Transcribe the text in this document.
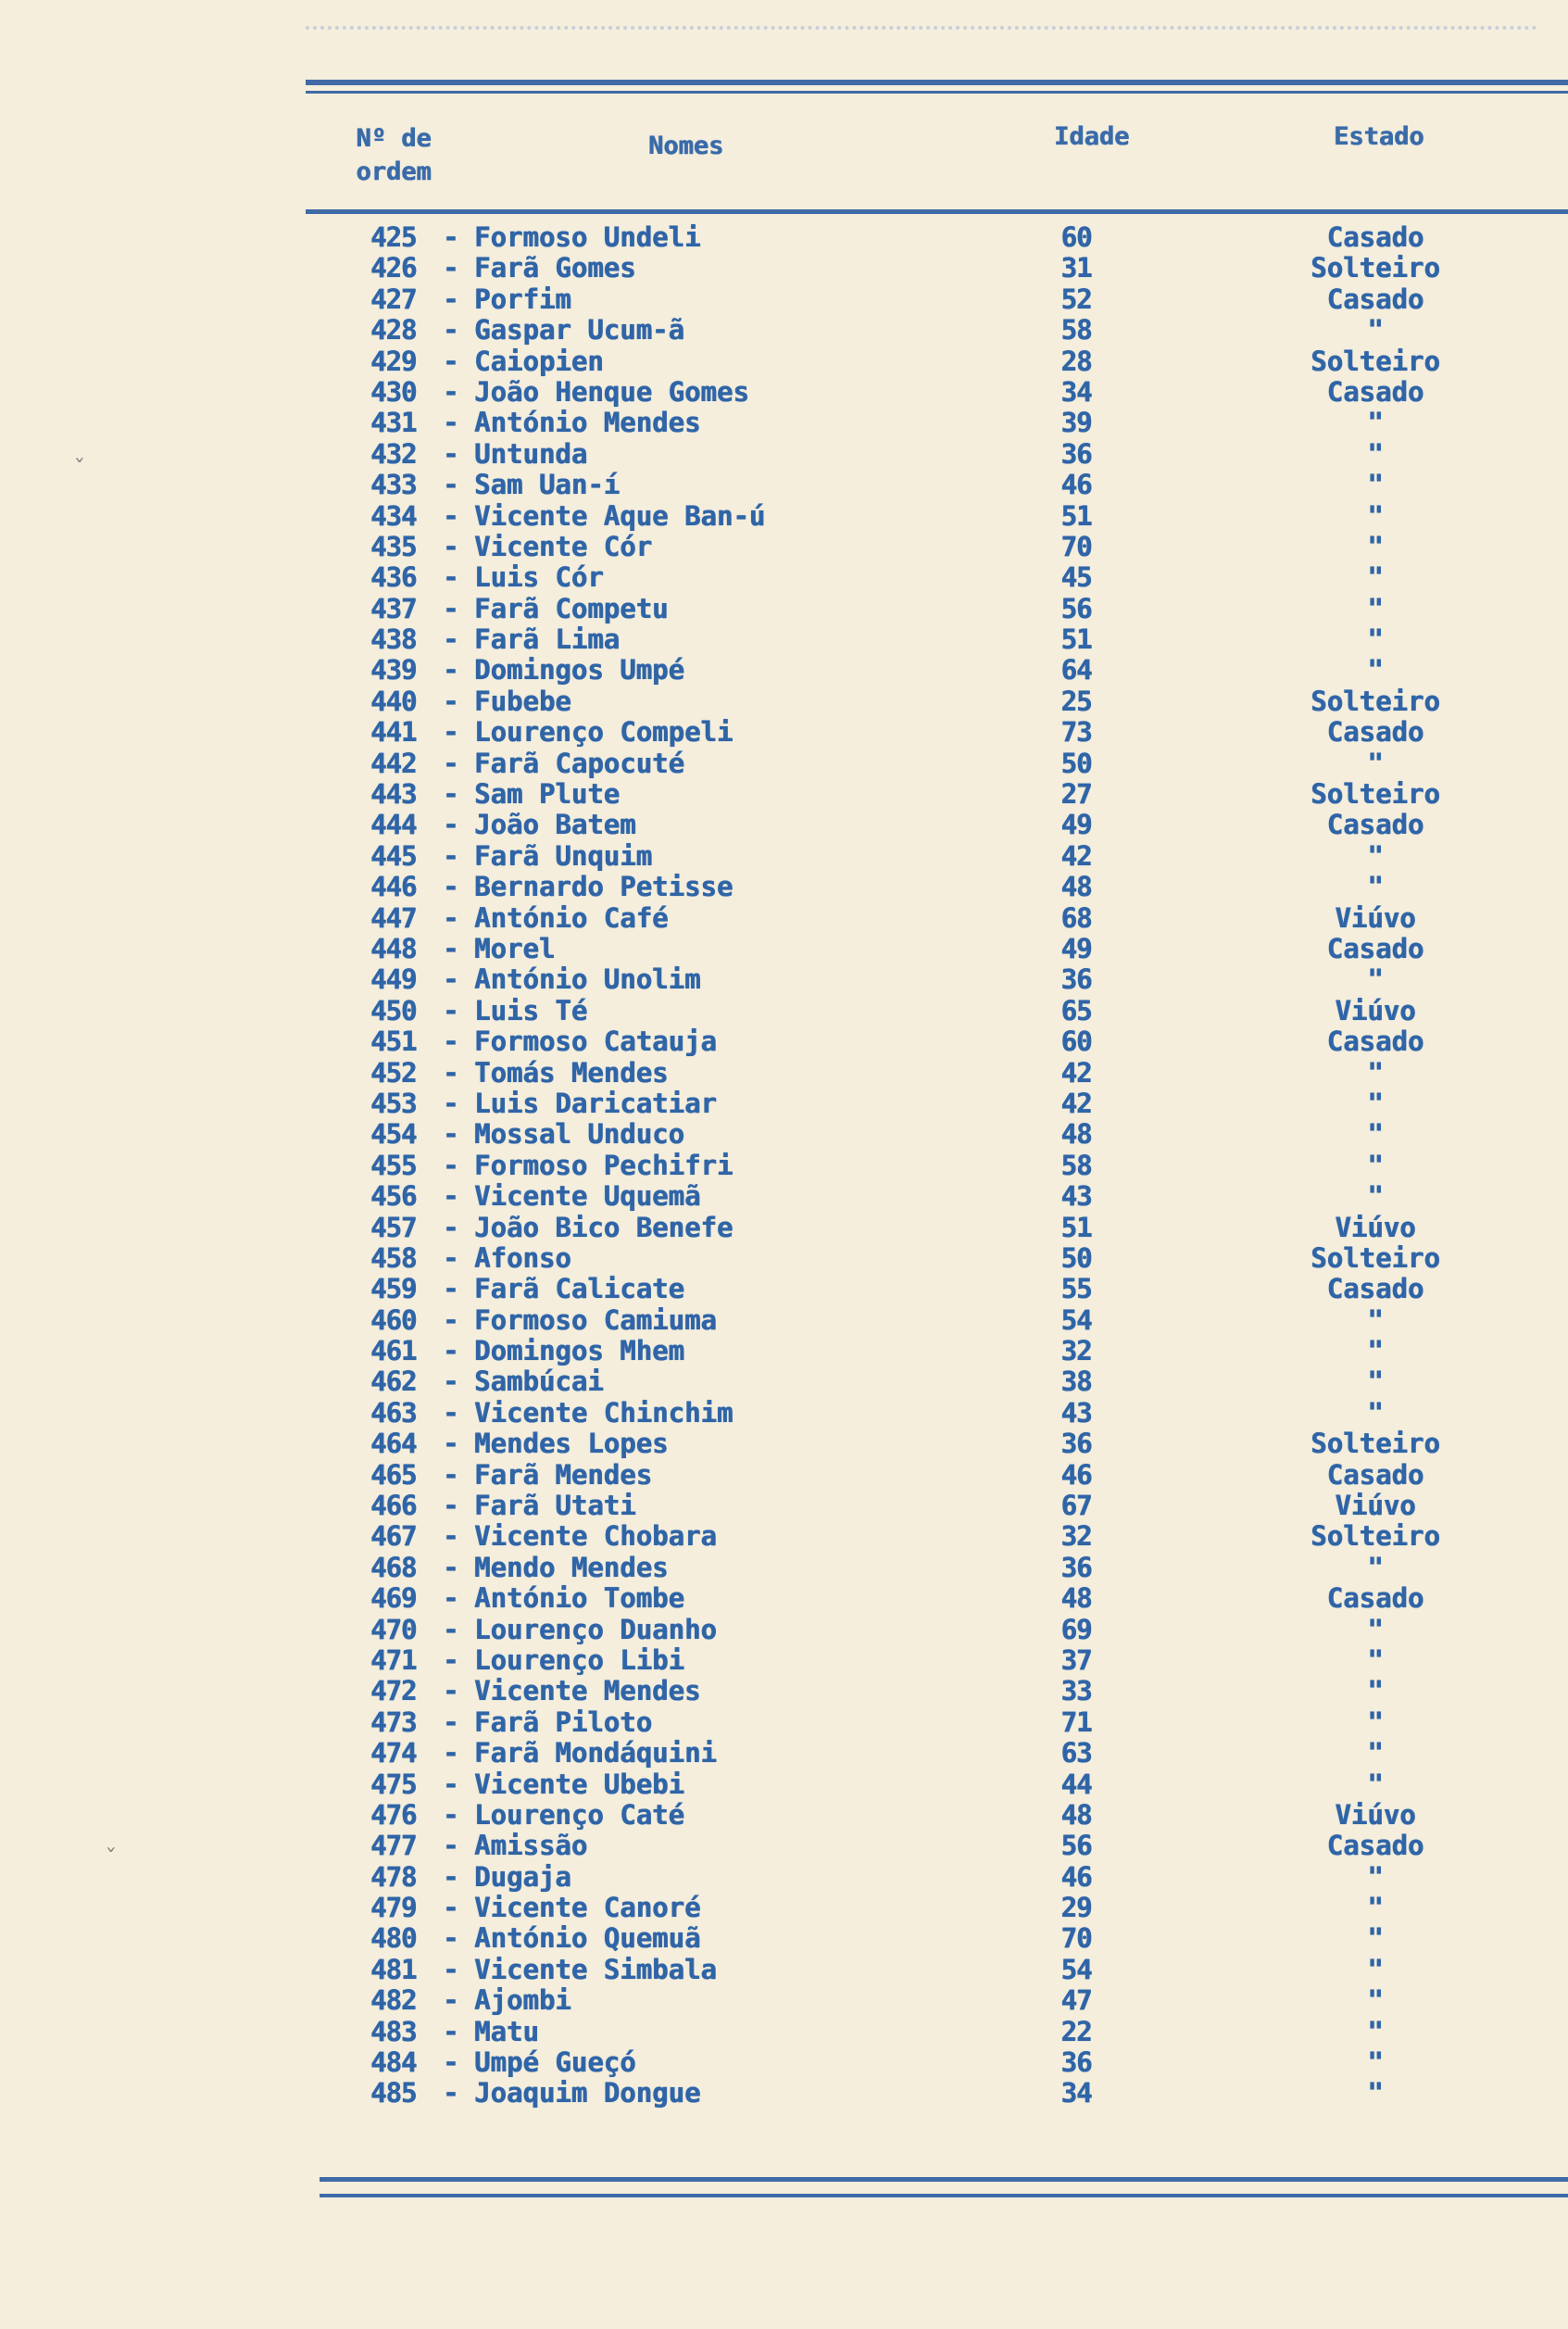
Nº de
ordem
Nomes	Idade	Estado
425 - Formoso Undeli	60	Casado
426 - Farã Gomes	31	Solteiro
427 - Porfim	52	Casado
428 - Gaspar Ucum-ã	58	"
429 - Caiopien	28	Solteiro
430 - João Henque Gomes	34	Casado
431 - António Mendes	39	"
432 - Untunda	36	"
433 - Sam Uan-í	46	"
434 - Vicente Aque Ban-ú	51	"
435 - Vicente Cór	70	"
436 - Luis Cór	45	"
437 - Farã Competu	56	"
438 - Farã Lima	51	"
439 - Domingos Umpé	64	"
440 - Fubebe	25	Solteiro
441 - Lourenço Compeli	73	Casado
442 - Farã Capocuté	50	"
443 - Sam Plute	27	Solteiro
444 - João Batem	49	Casado
445 - Farã Unquim	42	"
446 - Bernardo Petisse	48	"
447 - António Café	68	Viúvo
448 - Morel	49	Casado
449 - António Unolim	36	"
450 - Luis Té	65	Viúvo
451 - Formoso Catauja	60	Casado
452 - Tomás Mendes	42	"
453 - Luis Daricatiar	42	"
454 - Mossal Unduco	48	"
455 - Formoso Pechifri	58	"
456 - Vicente Uquemã	43	"
457 - João Bico Benefe	51	Viúvo
458 - Afonso	50	Solteiro
459 - Farã Calicate	55	Casado
460 - Formoso Camiuma	54	"
461 - Domingos Mhem	32	"
462 - Sambúcai	38	"
463 - Vicente Chinchim	43	"
464 - Mendes Lopes	36	Solteiro
465 - Farã Mendes	46	Casado
466 - Farã Utati	67	Viúvo
467 - Vicente Chobara	32	Solteiro
468 - Mendo Mendes	36	"
469 - António Tombe	48	Casado
470 - Lourenço Duanho	69	"
471 - Lourenço Libi	37	"
472 - Vicente Mendes	33	"
473 - Farã Piloto	71	"
474 - Farã Mondáquini	63	"
475 - Vicente Ubebi	44	"
476 - Lourenço Caté	48	Viúvo
477 - Amissão	56	Casado
478 - Dugaja	46	"
479 - Vicente Canoré	29	"
480 - António Quemuã	70	"
481 - Vicente Simbala	54	"
482 - Ajombi	47	"
483 - Matu	22	"
484 - Umpé Gueçó	36	"
485 - Joaquim Dongue	34	"
ˇ
ˇ
